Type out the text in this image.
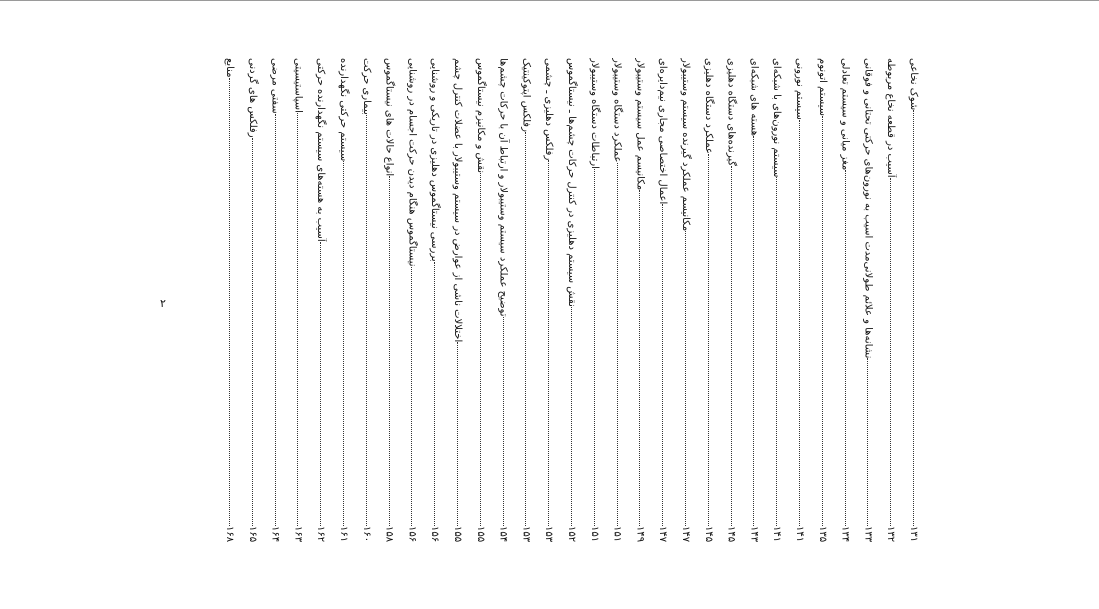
۲
۱۳۱
شوک نخاعی
۱۳۲
آسیب در قطعه نخاع مربوطه
۱۳۳
نشانه‌ها و علائم طولانی‌مدت آسیب به نورون‌های حرکتی تحتانی و فوقانی
۱۳۴
مغز میانی و سیستم تعادلی
۱۳۵
سیستم اتونوم
۱۴۱
سیستم نورونی
۱۴۱
سیستم نورون‌های با شبکه‌ای
۱۴۳
هسته های شبکه‌ای
۱۴۵
گیرنده‌های دستگاه دهلیزی
۱۴۵
عملکرد دستگاه دهلیزی
۱۴۷
مکانیسم عملکرد گیرنده سیستم وستیبولار
۱۴۷
اعمال اختصاصی مجاری نیم‌دایره‌ای
۱۴۹
مکانیسم عمل سیستم وستیبولار
۱۵۱
عملکرد دستگاه وستیبولار
۱۵۱
ارتباطات دستگاه وستیبولار
۱۵۲
نقش سیستم دهلیزی در کنترل حرکات چشم‌ها ـ نیستاگموس
۱۵۳
رفلکس دهلیزی ـ چشمی
۱۵۳
رفلکس اپتوکینتیک
۱۵۴
توضیح عملکرد سیستم وستیبولار و ارتباط آن با حرکات چشم‌ها
۱۵۵
نقش و مکانیزم نیستاگموس
۱۵۵
اختلالات ناشی از عوارض در سیستم وستیبولار با عضلات کنترل چشم
۱۵۶
بررسی نیستاگموس دهلیزی در تاریکی و روشنایی
۱۵۶
نیستاگموس هنگام دیدن حرکت اجسام در روشنایی
۱۵۸
انواع حالات های نیستاگموس
۱۶۰
بیماری حرکت
۱۶۱
سیستم حرکتی نگهدارنده
۱۶۲
آسیب به هسته‌های سیستم نگهدارنده حرکتی
۱۶۳
اسپاستیسیتی
۱۶۴
سفتی مرضی
۱۶۵
رفلکس های گردنی
۱۶۸
منابع
